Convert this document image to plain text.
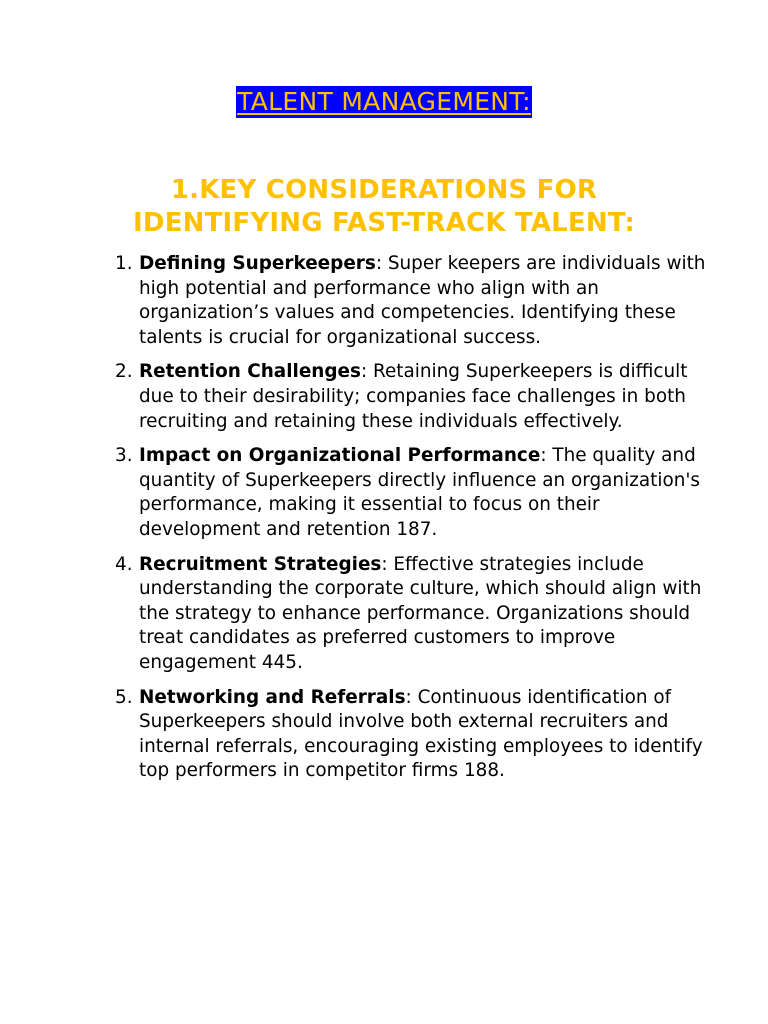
TALENT MANAGEMENT:
1.KEY CONSIDERATIONS FOR
IDENTIFYING FAST-TRACK TALENT:
1. Defining Superkeepers: Super keepers are individuals with high potential and performance who align with an organization’s values and competencies. Identifying these talents is crucial for organizational success.
2. Retention Challenges: Retaining Superkeepers is difficult due to their desirability; companies face challenges in both recruiting and retaining these individuals effectively.
3. Impact on Organizational Performance: The quality and quantity of Superkeepers directly influence an organization's performance, making it essential to focus on their development and retention 187.
4. Recruitment Strategies: Effective strategies include understanding the corporate culture, which should align with the strategy to enhance performance. Organizations should treat candidates as preferred customers to improve engagement 445.
5. Networking and Referrals: Continuous identification of Superkeepers should involve both external recruiters and internal referrals, encouraging existing employees to identify top performers in competitor firms 188.
